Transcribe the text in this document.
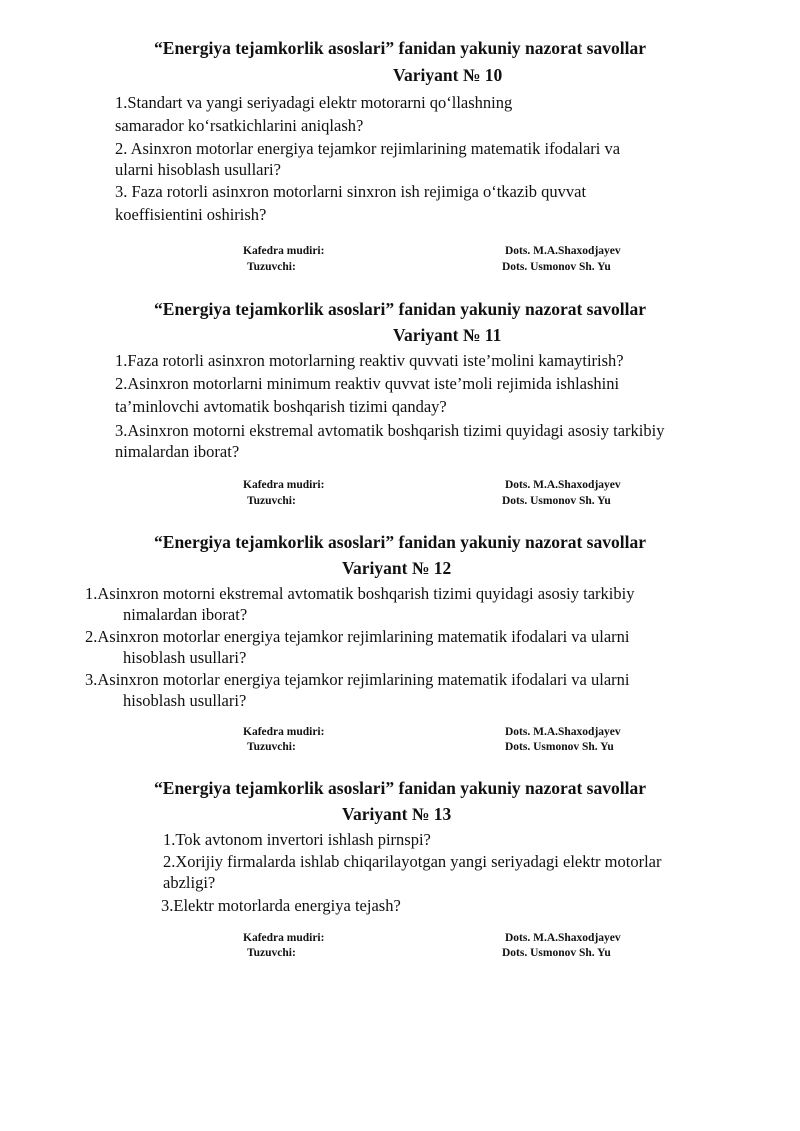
“Energiya tejamkorlik asoslari” fanidan yakuniy nazorat savollar
Variyant № 10
1.Standart va yangi seriyadagi elektr motorarni qo‘llashning
samarador ko‘rsatkichlarini aniqlash?
2. Asinxron motorlar energiya tejamkor rejimlarining matematik ifodalari va
ularni hisoblash usullari?
3. Faza rotorli asinxron motorlarni sinxron ish rejimiga o‘tkazib quvvat
koeffisientini oshirish?
Kafedra mudiri:	Dots. M.A.Shaxodjayev
Tuzuvchi:	Dots. Usmonov Sh. Yu
“Energiya tejamkorlik asoslari” fanidan yakuniy nazorat savollar
Variyant № 11
1.Faza rotorli asinxron motorlarning reaktiv quvvati iste’molini kamaytirish?
2.Asinxron motorlarni minimum reaktiv quvvat iste’moli rejimida ishlashini
ta’minlovchi avtomatik boshqarish tizimi qanday?
3.Asinxron motorni ekstremal avtomatik boshqarish tizimi quyidagi asosiy tarkibiy
nimalardan iborat?
Kafedra mudiri:	Dots. M.A.Shaxodjayev
Tuzuvchi:	Dots. Usmonov Sh. Yu
“Energiya tejamkorlik asoslari” fanidan yakuniy nazorat savollar
Variyant № 12
1.Asinxron motorni ekstremal avtomatik boshqarish tizimi quyidagi asosiy tarkibiy
nimalardan iborat?
2.Asinxron motorlar energiya tejamkor rejimlarining matematik ifodalari va ularni
hisoblash usullari?
3.Asinxron motorlar energiya tejamkor rejimlarining matematik ifodalari va ularni
hisoblash usullari?
Kafedra mudiri:	Dots. M.A.Shaxodjayev
Tuzuvchi:	Dots. Usmonov Sh. Yu
“Energiya tejamkorlik asoslari” fanidan yakuniy nazorat savollar
Variyant № 13
1.Tok avtonom invertori ishlash pirnspi?
2.Xorijiy firmalarda ishlab chiqarilayotgan yangi seriyadagi elektr motorlar
abzligi?
3.Elektr motorlarda energiya tejash?
Kafedra mudiri:	Dots. M.A.Shaxodjayev
Tuzuvchi:	Dots. Usmonov Sh. Yu
